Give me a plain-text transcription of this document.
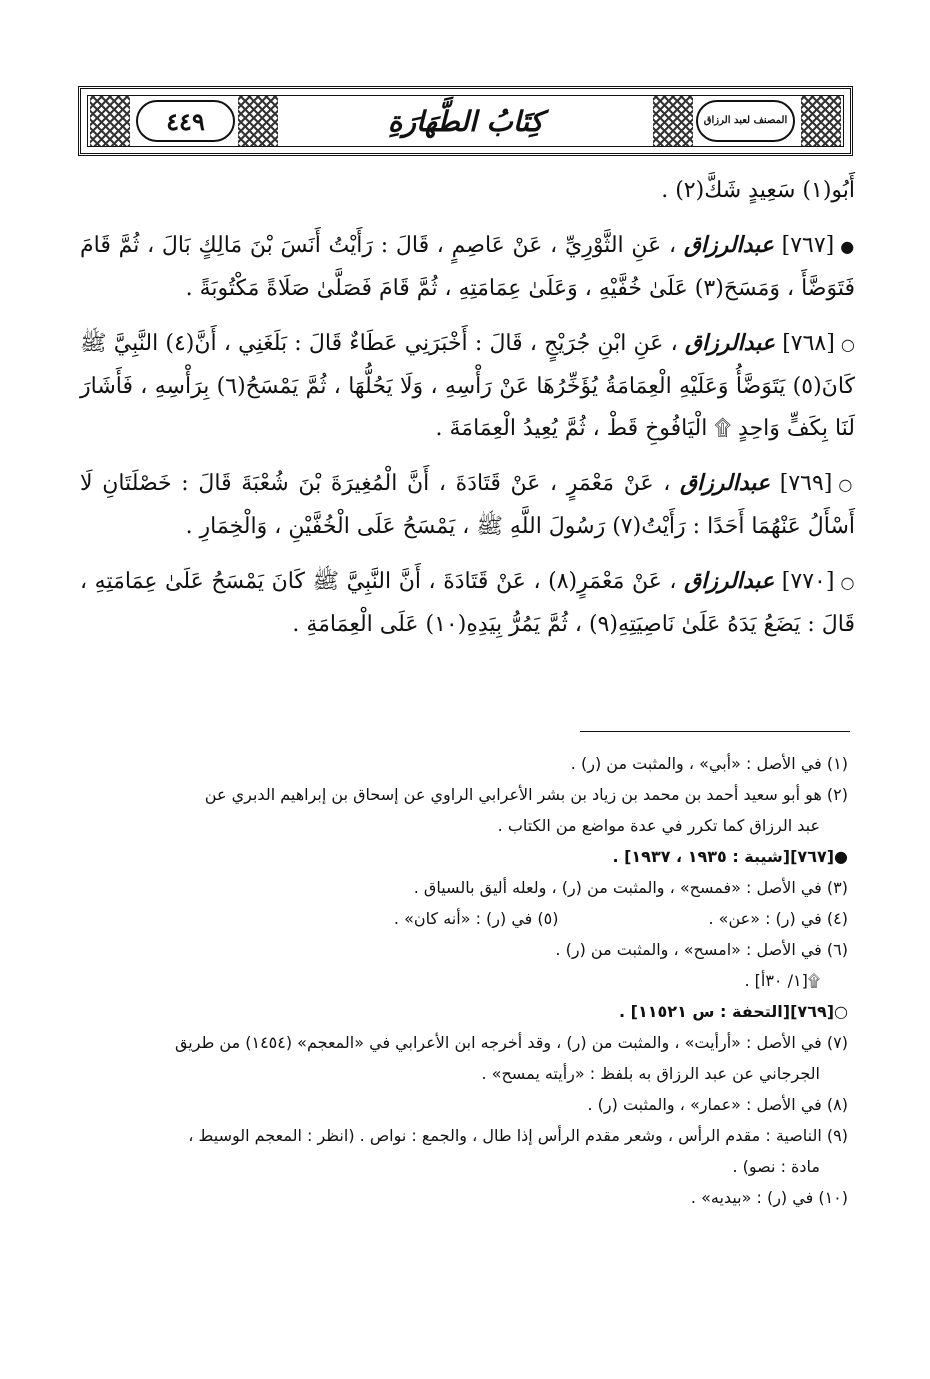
٤٤٩	كِتَابُ الطَّهَارَةِ	المصنف لعبد الرزاق

أَبُو(١) سَعِيدٍ شَكَّ(٢) .

●[٧٦٧] عبدالرزاق ، عَنِ الثَّوْرِيِّ ، عَنْ عَاصِمٍ ، قَالَ : رَأَيْتُ أَنَسَ بْنَ مَالِكٍ بَالَ ، ثُمَّ قَامَ فَتَوَضَّأَ ، وَمَسَحَ(٣) عَلَىٰ خُفَّيْهِ ، وَعَلَىٰ عِمَامَتِهِ ، ثُمَّ قَامَ فَصَلَّىٰ صَلَاةً مَكْتُوبَةً .

○[٧٦٨] عبدالرزاق ، عَنِ ابْنِ جُرَيْجٍ ، قَالَ : أَخْبَرَنِي عَطَاءٌ قَالَ : بَلَغَنِي ، أَنَّ(٤) النَّبِيَّ ﷺ كَانَ(٥) يَتَوَضَّأُ وَعَلَيْهِ الْعِمَامَةُ يُؤَخِّرُهَا عَنْ رَأْسِهِ ، وَلَا يَحُلُّهَا ، ثُمَّ يَمْسَحُ(٦) بِرَأْسِهِ ، فَأَشَارَ لَنَا بِكَفٍّ وَاحِدٍ ۩ الْيَافُوخِ قَطْ ، ثُمَّ يُعِيدُ الْعِمَامَةَ .

○[٧٦٩] عبدالرزاق ، عَنْ مَعْمَرٍ ، عَنْ قَتَادَةَ ، أَنَّ الْمُغِيرَةَ بْنَ شُعْبَةَ قَالَ : خَصْلَتَانِ لَا أَسْأَلُ عَنْهُمَا أَحَدًا : رَأَيْتُ(٧) رَسُولَ اللَّهِ ﷺ ، يَمْسَحُ عَلَى الْخُفَّيْنِ ، وَالْخِمَارِ .

○[٧٧٠] عبدالرزاق ، عَنْ مَعْمَرٍ(٨) ، عَنْ قَتَادَةَ ، أَنَّ النَّبِيَّ ﷺ كَانَ يَمْسَحُ عَلَىٰ عِمَامَتِهِ ، قَالَ : يَضَعُ يَدَهُ عَلَىٰ نَاصِيَتِهِ(٩) ، ثُمَّ يَمُرُّ بِيَدِهِ(١٠) عَلَى الْعِمَامَةِ .

(١) في الأصل : «أبي» ، والمثبت من (ر) .

(٢) هو أبو سعيد أحمد بن محمد بن زياد بن بشر الأعرابي الراوي عن إسحاق بن إبراهيم الدبري عن

عبد الرزاق كما تكرر في عدة مواضع من الكتاب .

●[٧٦٧][شيبة : ١٩٣٥ ، ١٩٣٧] .

(٣) في الأصل : «فمسح» ، والمثبت من (ر) ، ولعله أليق بالسياق .

(٤) في (ر) : «عن» .
(٥) في (ر) : «أنه كان» .

(٦) في الأصل : «امسح» ، والمثبت من (ر) .

۩[١/ ٣٠أ] .

○[٧٦٩][التحفة : س ١١٥٢١] .

(٧) في الأصل : «أرأيت» ، والمثبت من (ر) ، وقد أخرجه ابن الأعرابي في «المعجم» (١٤٥٤) من طريق

الجرجاني عن عبد الرزاق به بلفظ : «رأيته يمسح» .

(٨) في الأصل : «عمار» ، والمثبت (ر) .

(٩) الناصية : مقدم الرأس ، وشعر مقدم الرأس إذا طال ، والجمع : نواص . (انظر : المعجم الوسيط ،

مادة : نصو) .

(١٠) في (ر) : «بيديه» .
